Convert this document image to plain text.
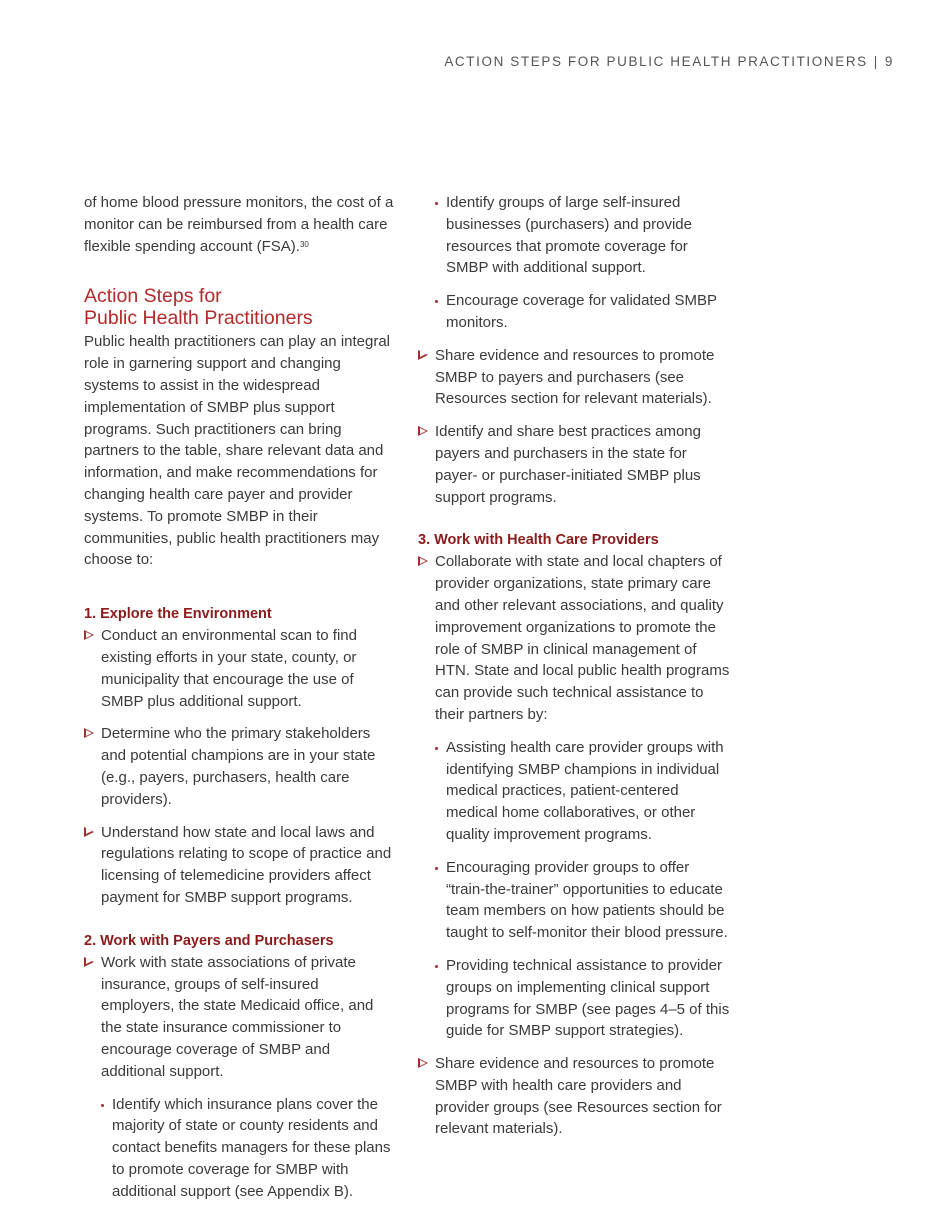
ACTION STEPS FOR PUBLIC HEALTH PRACTITIONERS | 9

of home blood pressure monitors, the cost of a monitor can be reimbursed from a health care flexible spending account (FSA).$^{30}$

Action Steps for
Public Health Practitioners

Public health practitioners can play an integral role in garnering support and changing systems to assist in the widespread implementation of SMBP plus support programs. Such practitioners can bring partners to the table, share relevant data and information, and make recommendations for changing health care payer and provider systems. To promote SMBP in their communities, public health practitioners may choose to:

1. Explore the Environment
Conduct an environmental scan to find existing efforts in your state, county, or municipality that encourage the use of SMBP plus additional support.
Determine who the primary stakeholders and potential champions are in your state (e.g., payers, purchasers, health care providers).
Understand how state and local laws and regulations relating to scope of practice and licensing of telemedicine providers affect payment for SMBP support programs.
2. Work with Payers and Purchasers
Work with state associations of private insurance, groups of self-insured employers, the state Medicaid office, and the state insurance commissioner to encourage coverage of SMBP and additional support.
Identify which insurance plans cover the majority of state or county residents and contact benefits managers for these plans to promote coverage for SMBP with additional support (see Appendix B).
Identify groups of large self-insured businesses (purchasers) and provide resources that promote coverage for SMBP with additional support.
Encourage coverage for validated SMBP monitors.
Share evidence and resources to promote SMBP to payers and purchasers (see Resources section for relevant materials).
Identify and share best practices among payers and purchasers in the state for payer- or purchaser-initiated SMBP plus support programs.
3. Work with Health Care Providers
Collaborate with state and local chapters of provider organizations, state primary care and other relevant associations, and quality improvement organizations to promote the role of SMBP in clinical management of HTN. State and local public health programs can provide such technical assistance to their partners by:
Assisting health care provider groups with identifying SMBP champions in individual medical practices, patient-centered medical home collaboratives, or other quality improvement programs.
Encouraging provider groups to offer “train-the-trainer” opportunities to educate team members on how patients should be taught to self-monitor their blood pressure.
Providing technical assistance to provider groups on implementing clinical support programs for SMBP (see pages 4–5 of this guide for SMBP support strategies).
Share evidence and resources to promote SMBP with health care providers and provider groups (see Resources section for relevant materials).
